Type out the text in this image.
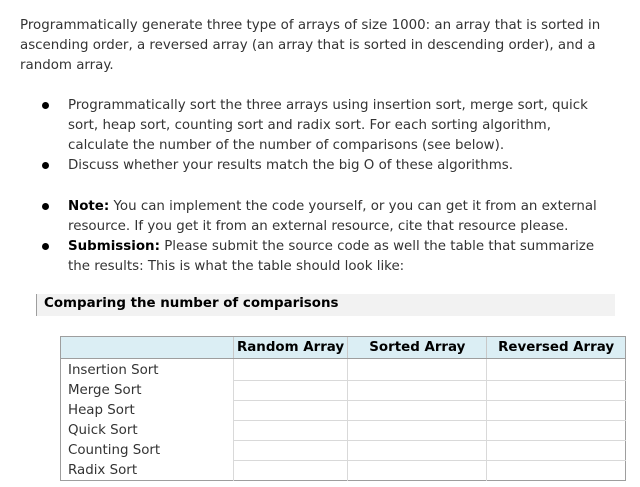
Programmatically generate three type of arrays of size 1000: an array that is sorted in ascending order, a reversed array (an array that is sorted in descending order), and a random array.

Programmatically sort the three arrays using insertion sort, merge sort, quick sort, heap sort, counting sort and radix sort. For each sorting algorithm, calculate the number of the number of comparisons (see below).
Discuss whether your results match the big O of these algorithms.
Note: You can implement the code yourself, or you can get it from an external resource. If you get it from an external resource, cite that resource please.
Submission: Please submit the source code as well the table that summarize the results: This is what the table should look like:
Comparing the number of comparisons
	Random Array	Sorted Array	Reversed Array
Insertion Sort			
Merge Sort			
Heap Sort			
Quick Sort			
Counting Sort			
Radix Sort			
